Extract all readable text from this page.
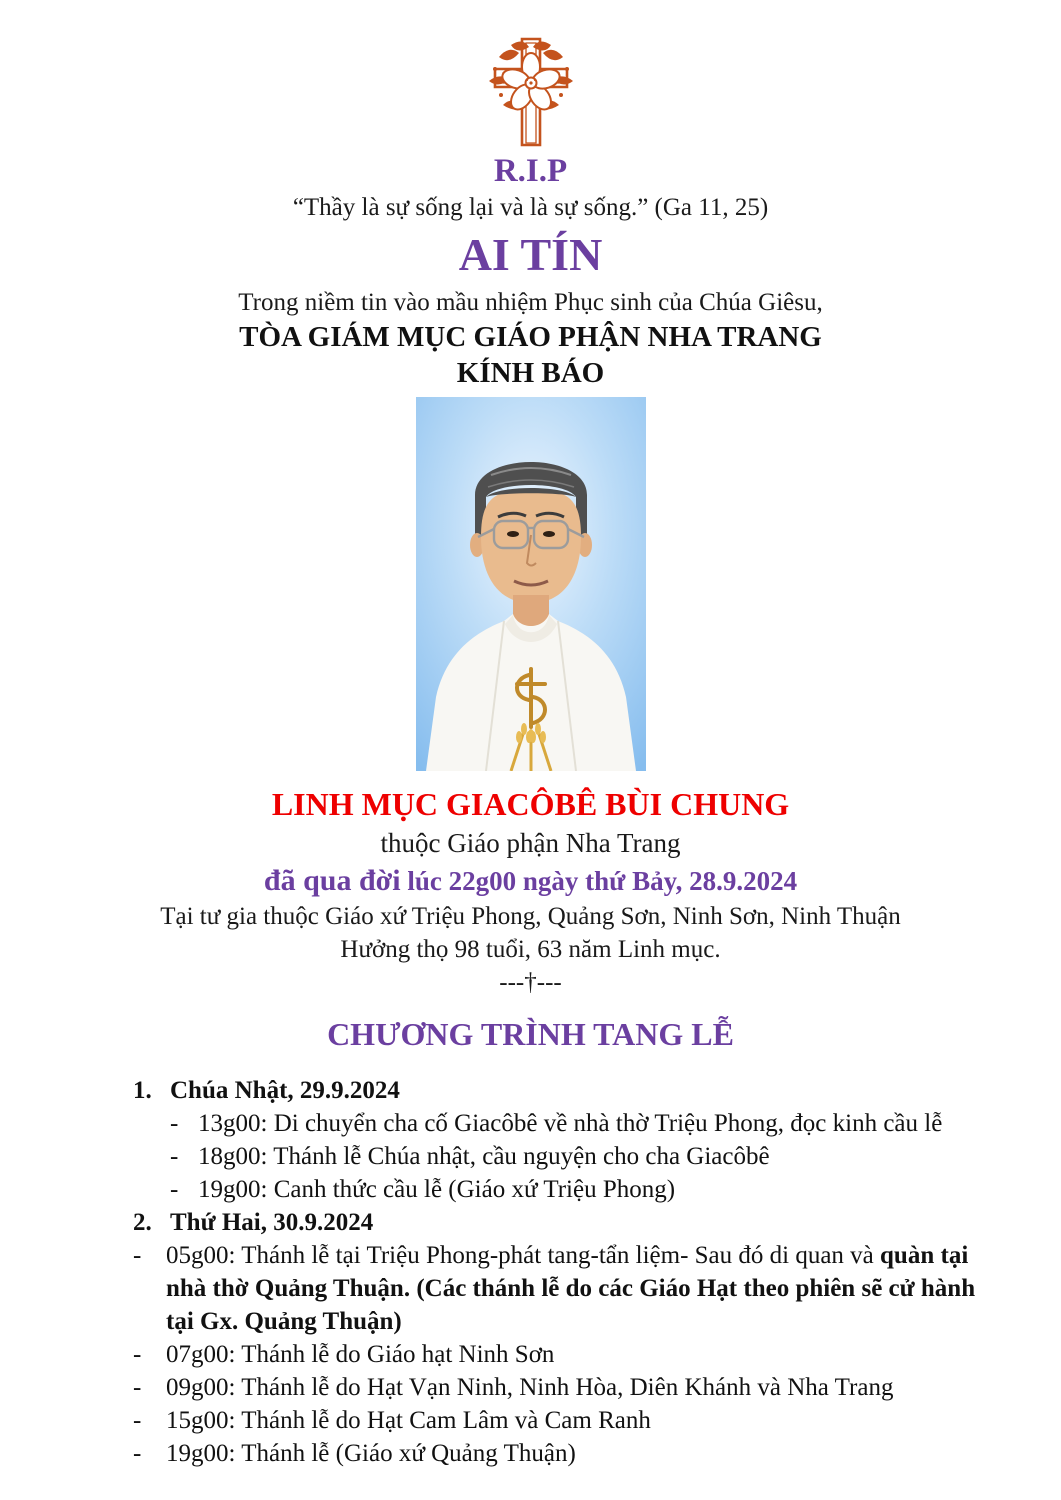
R.I.P
“Thầy là sự sống lại và là sự sống.” (Ga 11, 25)
AI TÍN
Trong niềm tin vào mầu nhiệm Phục sinh của Chúa Giêsu,
TÒA GIÁM MỤC GIÁO PHẬN NHA TRANG
KÍNH BÁO
LINH MỤC GIACÔBÊ BÙI CHUNG
thuộc Giáo phận Nha Trang
đã qua đời lúc 22g00 ngày thứ Bảy, 28.9.2024
Tại tư gia thuộc Giáo xứ Triệu Phong, Quảng Sơn, Ninh Sơn, Ninh Thuận
Hưởng thọ 98 tuổi, 63 năm Linh mục.
---†---
CHƯƠNG TRÌNH TANG LỄ
1. Chúa Nhật, 29.9.2024
- 13g00: Di chuyển cha cố Giacôbê về nhà thờ Triệu Phong, đọc kinh cầu lễ
- 18g00: Thánh lễ Chúa nhật, cầu nguyện cho cha Giacôbê
- 19g00: Canh thức cầu lễ (Giáo xứ Triệu Phong)
2. Thứ Hai, 30.9.2024
- 05g00: Thánh lễ tại Triệu Phong-phát tang-tẩn liệm- Sau đó di quan và quàn tại nhà thờ Quảng Thuận. (Các thánh lễ do các Giáo Hạt theo phiên sẽ cử hành tại Gx. Quảng Thuận)
- 07g00: Thánh lễ do Giáo hạt Ninh Sơn
- 09g00: Thánh lễ do Hạt Vạn Ninh, Ninh Hòa, Diên Khánh và Nha Trang
- 15g00: Thánh lễ do Hạt Cam Lâm và Cam Ranh
- 19g00: Thánh lễ (Giáo xứ Quảng Thuận)
